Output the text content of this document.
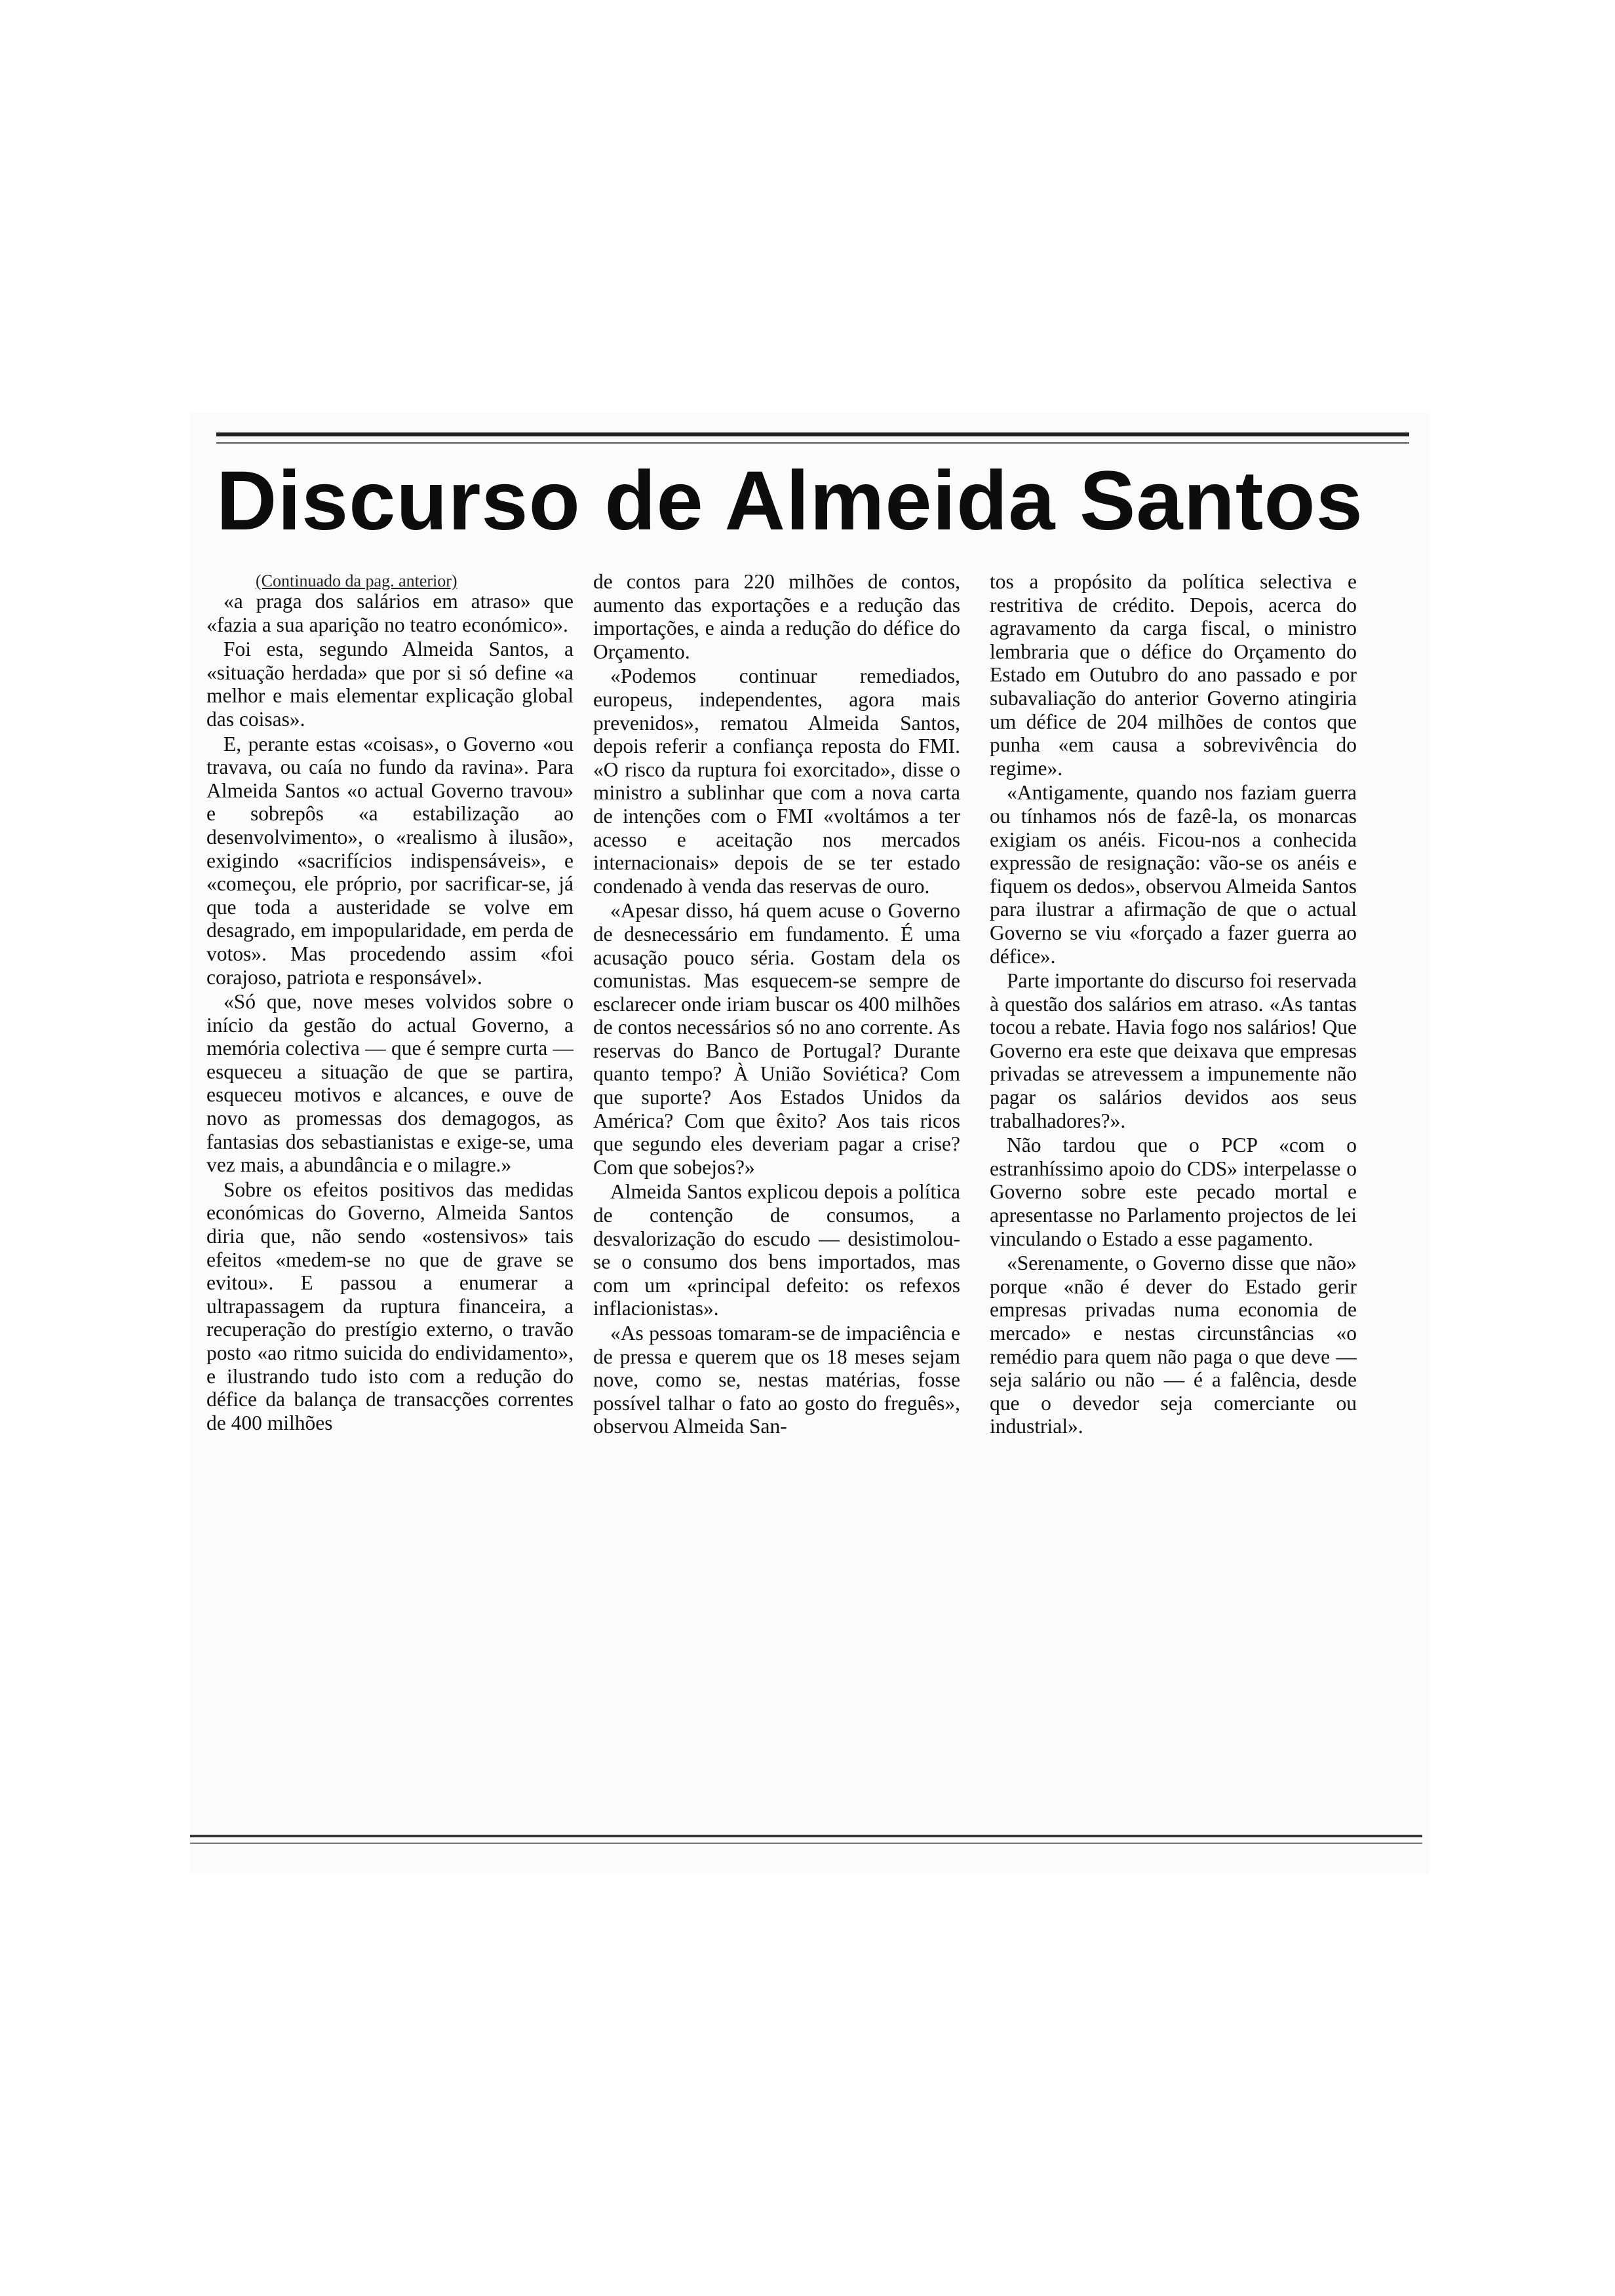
Discurso de Almeida Santos
(Continuado da pag. anterior)

«a praga dos salários em atraso» que «fazia a sua aparição no teatro económico».

Foi esta, segundo Almeida Santos, a «situação herdada» que por si só define «a melhor e mais elementar explicação global das coisas».

E, perante estas «coisas», o Governo «ou travava, ou caía no fundo da ravina». Para Almeida Santos «o actual Governo travou» e sobrepôs «a estabilização ao desenvolvimento», o «realismo à ilusão», exigindo «sacrifícios indispensáveis», e «começou, ele próprio, por sacrificar-se, já que toda a austeridade se volve em desagrado, em impopularidade, em perda de votos». Mas procedendo assim «foi corajoso, patriota e responsável».

«Só que, nove meses volvidos sobre o início da gestão do actual Governo, a memória colectiva — que é sempre curta — esqueceu a situação de que se partira, esqueceu motivos e alcances, e ouve de novo as promessas dos demagogos, as fantasias dos sebastianistas e exige-se, uma vez mais, a abundância e o milagre.»

Sobre os efeitos positivos das medidas económicas do Governo, Almeida Santos diria que, não sendo «ostensivos» tais efeitos «medem-se no que de grave se evitou». E passou a enumerar a ultrapassagem da ruptura financeira, a recuperação do prestígio externo, o travão posto «ao ritmo suicida do endividamento», e ilustrando tudo isto com a redução do défice da balança de transacções correntes de 400 milhões

de contos para 220 milhões de contos, aumento das exportações e a redução das importações, e ainda a redução do défice do Orçamento.

«Podemos continuar remediados, europeus, independentes, agora mais prevenidos», rematou Almeida Santos, depois referir a confiança reposta do FMI. «O risco da ruptura foi exorcitado», disse o ministro a sublinhar que com a nova carta de intenções com o FMI «voltámos a ter acesso e aceitação nos mercados internacionais» depois de se ter estado condenado à venda das reservas de ouro.

«Apesar disso, há quem acuse o Governo de desnecessário em fundamento. É uma acusação pouco séria. Gostam dela os comunistas. Mas esquecem-se sempre de esclarecer onde iriam buscar os 400 milhões de contos necessários só no ano corrente. As reservas do Banco de Portugal? Durante quanto tempo? À União Soviética? Com que suporte? Aos Estados Unidos da América? Com que êxito? Aos tais ricos que segundo eles deveriam pagar a crise? Com que sobejos?»

Almeida Santos explicou depois a política de contenção de consumos, a desvalorização do escudo — desistimolou-se o consumo dos bens importados, mas com um «principal defeito: os refexos inflacionistas».

«As pessoas tomaram-se de impaciência e de pressa e querem que os 18 meses sejam nove, como se, nestas matérias, fosse possível talhar o fato ao gosto do freguês», observou Almeida San-

tos a propósito da política selectiva e restritiva de crédito. Depois, acerca do agravamento da carga fiscal, o ministro lembraria que o défice do Orçamento do Estado em Outubro do ano passado e por subavaliação do anterior Governo atingiria um défice de 204 milhões de contos que punha «em causa a sobrevivência do regime».

«Antigamente, quando nos faziam guerra ou tínhamos nós de fazê-la, os monarcas exigiam os anéis. Ficou-nos a conhecida expressão de resignação: vão-se os anéis e fiquem os dedos», observou Almeida Santos para ilustrar a afirmação de que o actual Governo se viu «forçado a fazer guerra ao défice».

Parte importante do discurso foi reservada à questão dos salários em atraso. «As tantas tocou a rebate. Havia fogo nos salários! Que Governo era este que deixava que empresas privadas se atrevessem a impunemente não pagar os salários devidos aos seus trabalhadores?».

Não tardou que o PCP «com o estranhíssimo apoio do CDS» interpelasse o Governo sobre este pecado mortal e apresentasse no Parlamento projectos de lei vinculando o Estado a esse pagamento.

«Serenamente, o Governo disse que não» porque «não é dever do Estado gerir empresas privadas numa economia de mercado» e nestas circunstâncias «o remédio para quem não paga o que deve — seja salário ou não — é a falência, desde que o devedor seja comerciante ou industrial».
